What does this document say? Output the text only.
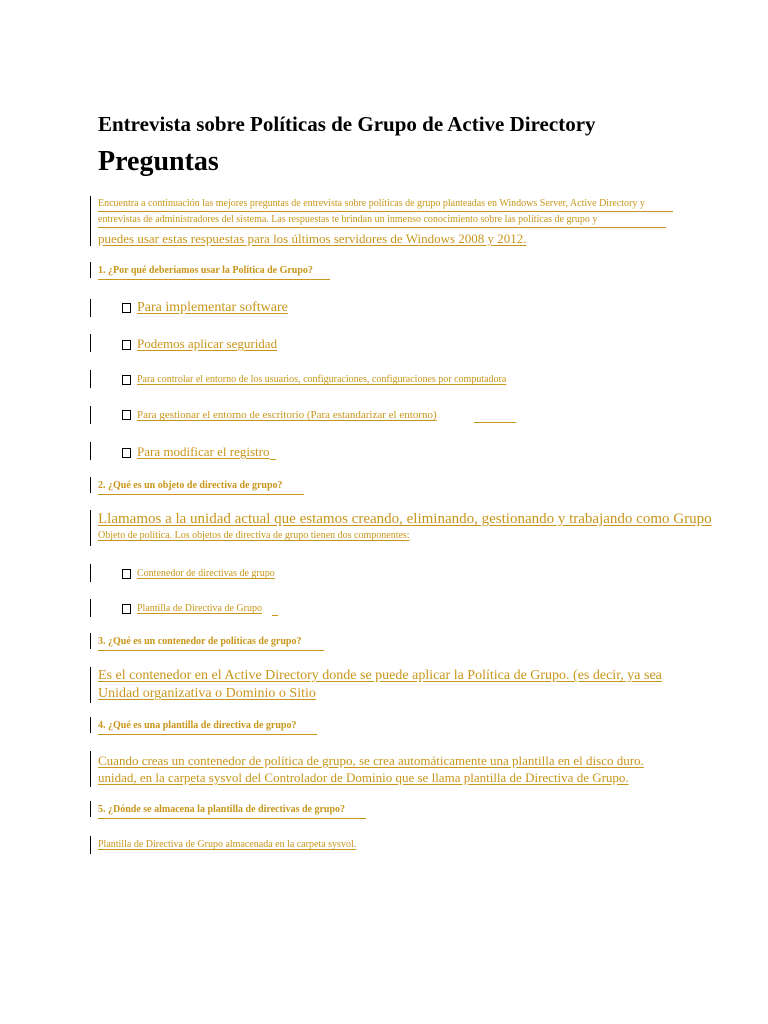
Entrevista sobre Políticas de Grupo de Active Directory
Preguntas
Encuentra a continuación las mejores preguntas de entrevista sobre políticas de grupo planteadas en Windows Server, Active Directory y
entrevistas de administradores del sistema. Las respuestas te brindan un inmenso conocimiento sobre las políticas de grupo y
puedes usar estas respuestas para los últimos servidores de Windows 2008 y 2012.
1. ¿Por qué deberíamos usar la Política de Grupo?
Para implementar software
Podemos aplicar seguridad
Para controlar el entorno de los usuarios, configuraciones, configuraciones por computadora
Para gestionar el entorno de escritorio (Para estandarizar el entorno)
Para modificar el registro
2. ¿Qué es un objeto de directiva de grupo?
Llamamos a la unidad actual que estamos creando, eliminando, gestionando y trabajando como Grupo
Objeto de política. Los objetos de directiva de grupo tienen dos componentes:
Contenedor de directivas de grupo
Plantilla de Directiva de Grupo
3. ¿Qué es un contenedor de políticas de grupo?
Es el contenedor en el Active Directory donde se puede aplicar la Política de Grupo. (es decir, ya sea
Unidad organizativa o Dominio o Sitio
4. ¿Qué es una plantilla de directiva de grupo?
Cuando creas un contenedor de política de grupo, se crea automáticamente una plantilla en el disco duro.
unidad, en la carpeta sysvol del Controlador de Dominio que se llama plantilla de Directiva de Grupo.
5. ¿Dónde se almacena la plantilla de directivas de grupo?
Plantilla de Directiva de Grupo almacenada en la carpeta sysvol.
